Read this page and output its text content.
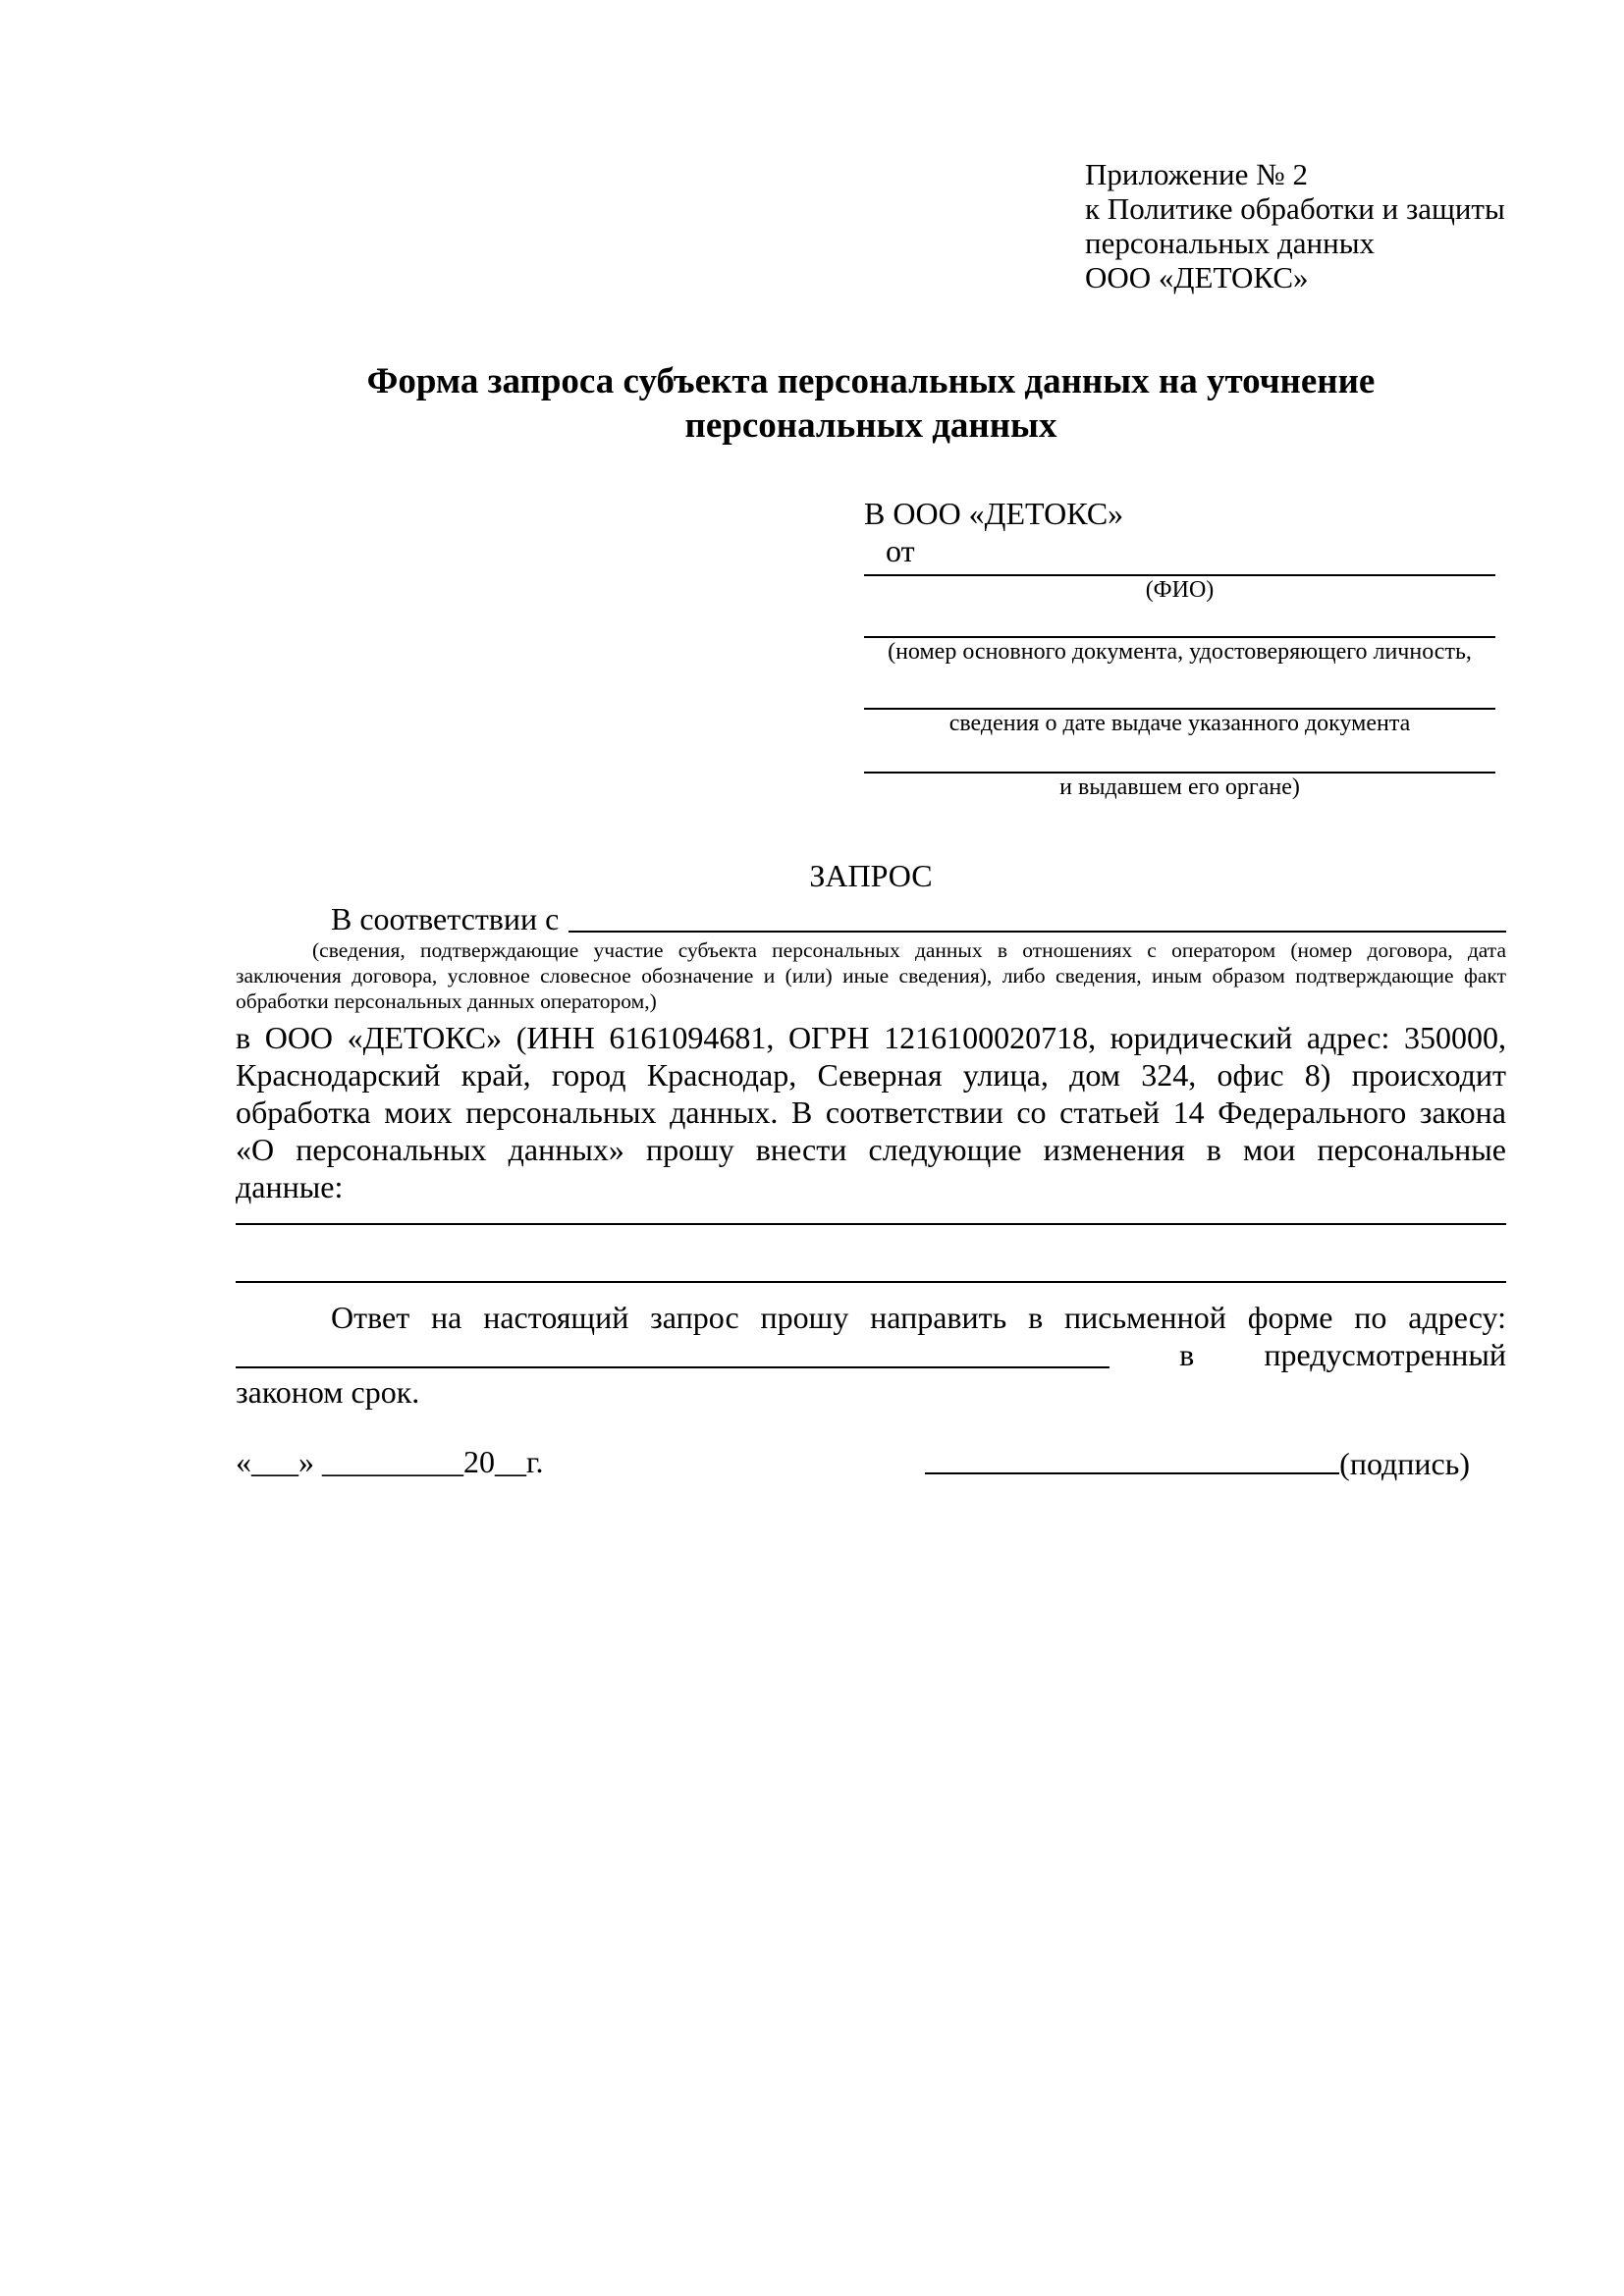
Приложение № 2
к Политике обработки и защиты
персональных данных
ООО «ДЕТОКС»
Форма запроса субъекта персональных данных на уточнение
персональных данных
В ООО «ДЕТОКС»
от
(ФИО)
(номер основного документа, удостоверяющего личность,
сведения о дате выдаче указанного документа
и выдавшем его органе)
ЗАПРОС
В соответствии с
(сведения, подтверждающие участие субъекта персональных данных в отношениях с оператором (номер договора, дата
заключения договора, условное словесное обозначение и (или) иные сведения), либо сведения, иным образом подтверждающие факт
обработки персональных данных оператором,)
в ООО «ДЕТОКС» (ИНН 6161094681, ОГРН 1216100020718, юридический адрес: 350000,
Краснодарский край, город Краснодар, Северная улица, дом 324, офис 8) происходит
обработка моих персональных данных. В соответствии со статьей 14 Федерального закона
«О персональных данных» прошу внести следующие изменения в мои персональные
данные:
Ответ на настоящий запрос прошу направить в письменной форме по адресу:
в предусмотренный
законом срок.
«___» _________20__г.	(подпись)
